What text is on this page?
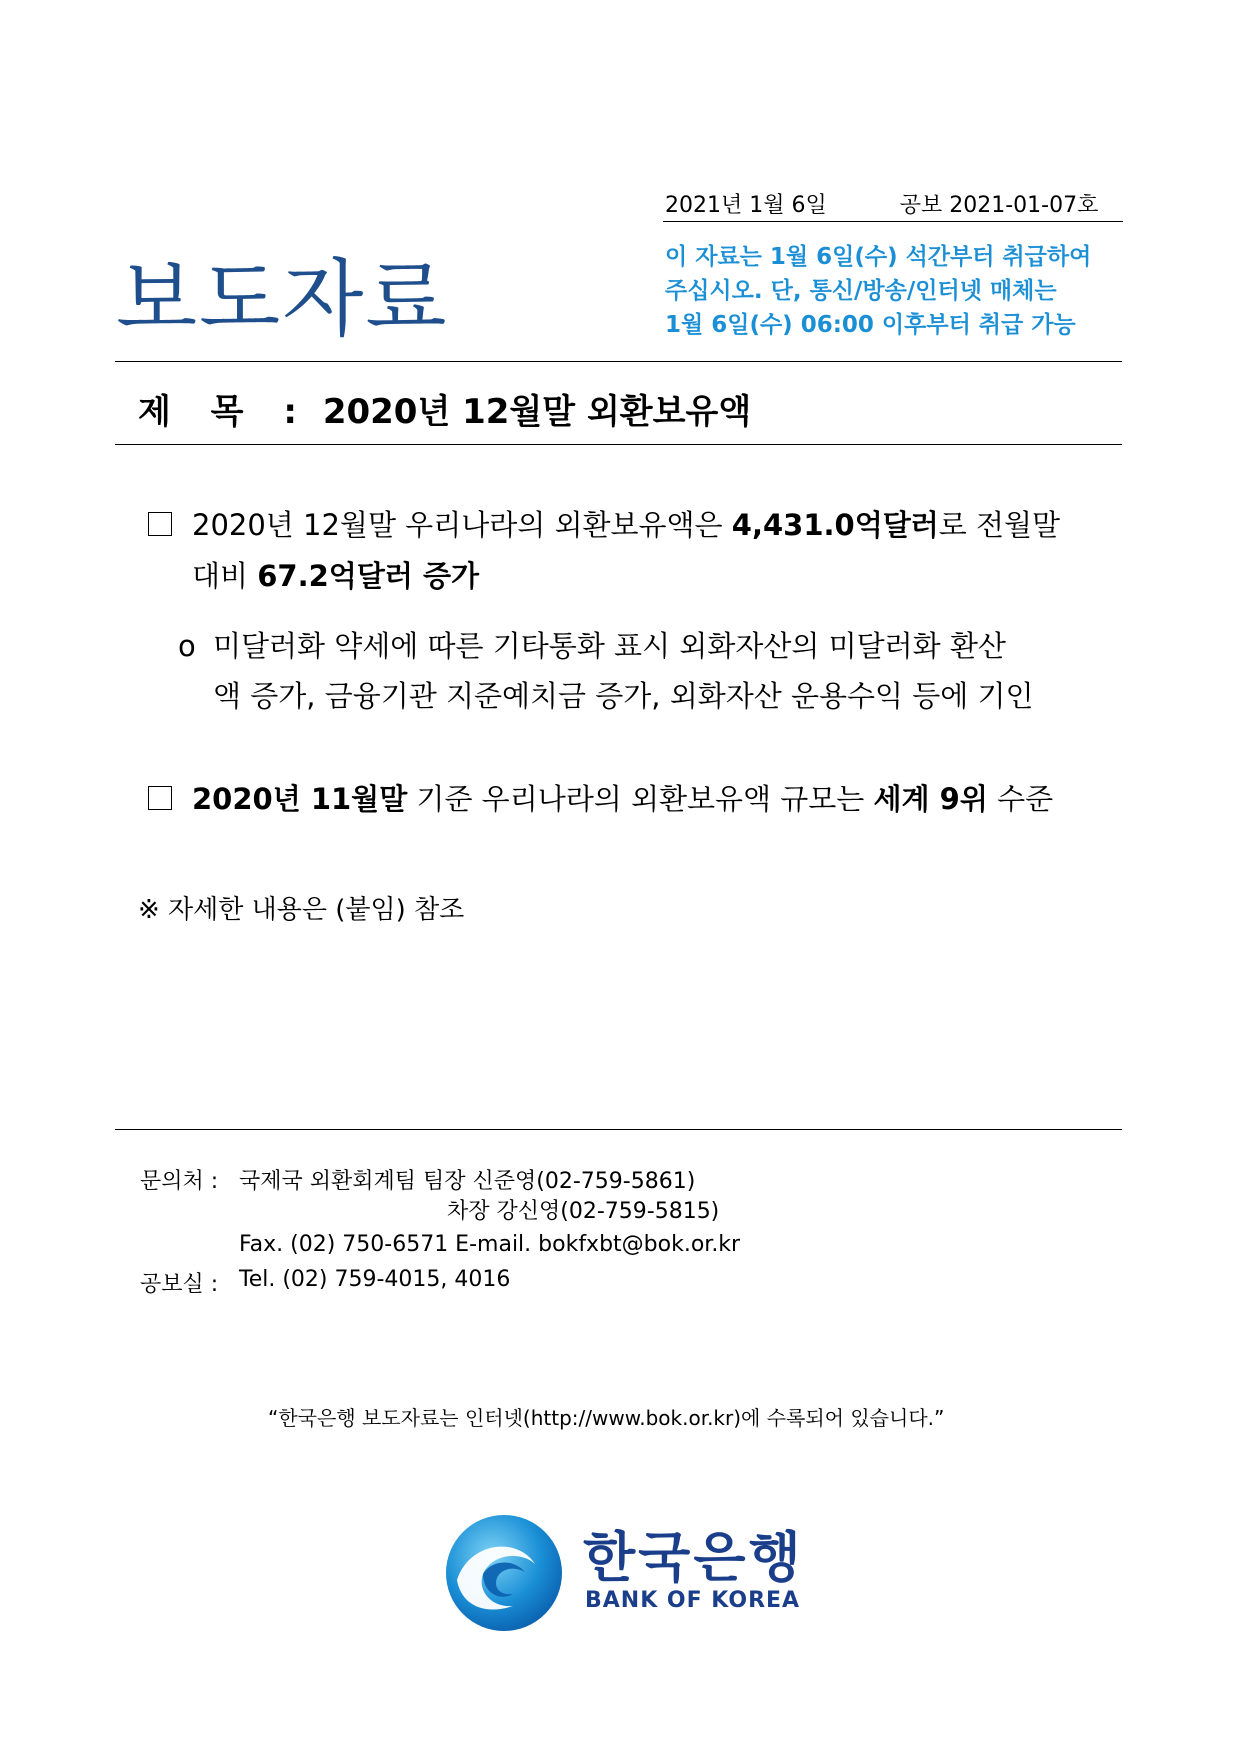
2021년 1월 6일	공보 2021-01-07호
보도자료	이 자료는 1월 6일(수) 석간부터 취급하여
주십시오. 단, 통신/방송/인터넷 매체는
1월 6일(수) 06:00 이후부터 취급 가능
제 목 : 2020년 12월말 외환보유액
2020년 12월말 우리나라의 외환보유액은 4,431.0억달러로 전월말
대비 67.2억달러 증가
o 미달러화 약세에 따른 기타통화 표시 외화자산의 미달러화 환산
액 증가, 금융기관 지준예치금 증가, 외화자산 운용수익 등에 기인
2020년 11월말 기준 우리나라의 외환보유액 규모는 세계 9위 수준
※ 자세한 내용은 (붙임) 참조
문의처 : 국제국 외환회계팀 팀장 신준영(02-759-5861)
차장 강신영(02-759-5815)
Fax. (02) 750-6571 E-mail. bokfxbt@bok.or.kr
공보실 : Tel. (02) 759-4015, 4016
“한국은행 보도자료는 인터넷(http://www.bok.or.kr)에 수록되어 있습니다.”
한국은행
BANK OF KOREA
